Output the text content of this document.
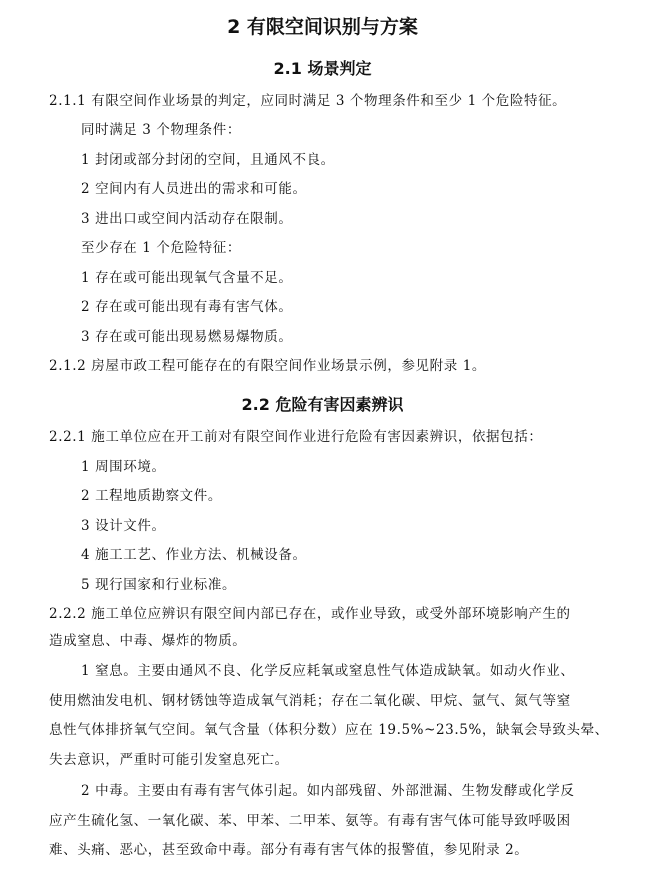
2 有限空间识别与方案
2.1 场景判定
2.1.1 有限空间作业场景的判定，应同时满足 3 个物理条件和至少 1 个危险特征。
同时满足 3 个物理条件：
1 封闭或部分封闭的空间，且通风不良。
2 空间内有人员进出的需求和可能。
3 进出口或空间内活动存在限制。
至少存在 1 个危险特征：
1 存在或可能出现氧气含量不足。
2 存在或可能出现有毒有害气体。
3 存在或可能出现易燃易爆物质。
2.1.2 房屋市政工程可能存在的有限空间作业场景示例，参见附录 1。
2.2 危险有害因素辨识
2.2.1 施工单位应在开工前对有限空间作业进行危险有害因素辨识，依据包括：
1 周围环境。
2 工程地质勘察文件。
3 设计文件。
4 施工工艺、作业方法、机械设备。
5 现行国家和行业标准。
2.2.2 施工单位应辨识有限空间内部已存在，或作业导致，或受外部环境影响产生的
造成窒息、中毒、爆炸的物质。
1 窒息。主要由通风不良、化学反应耗氧或窒息性气体造成缺氧。如动火作业、
使用燃油发电机、钢材锈蚀等造成氧气消耗；存在二氧化碳、甲烷、氩气、氮气等窒
息性气体排挤氧气空间。氧气含量（体积分数）应在 19.5%~23.5%，缺氧会导致头晕、
失去意识，严重时可能引发窒息死亡。
2 中毒。主要由有毒有害气体引起。如内部残留、外部泄漏、生物发酵或化学反
应产生硫化氢、一氧化碳、苯、甲苯、二甲苯、氨等。有毒有害气体可能导致呼吸困
难、头痛、恶心，甚至致命中毒。部分有毒有害气体的报警值，参见附录 2。
